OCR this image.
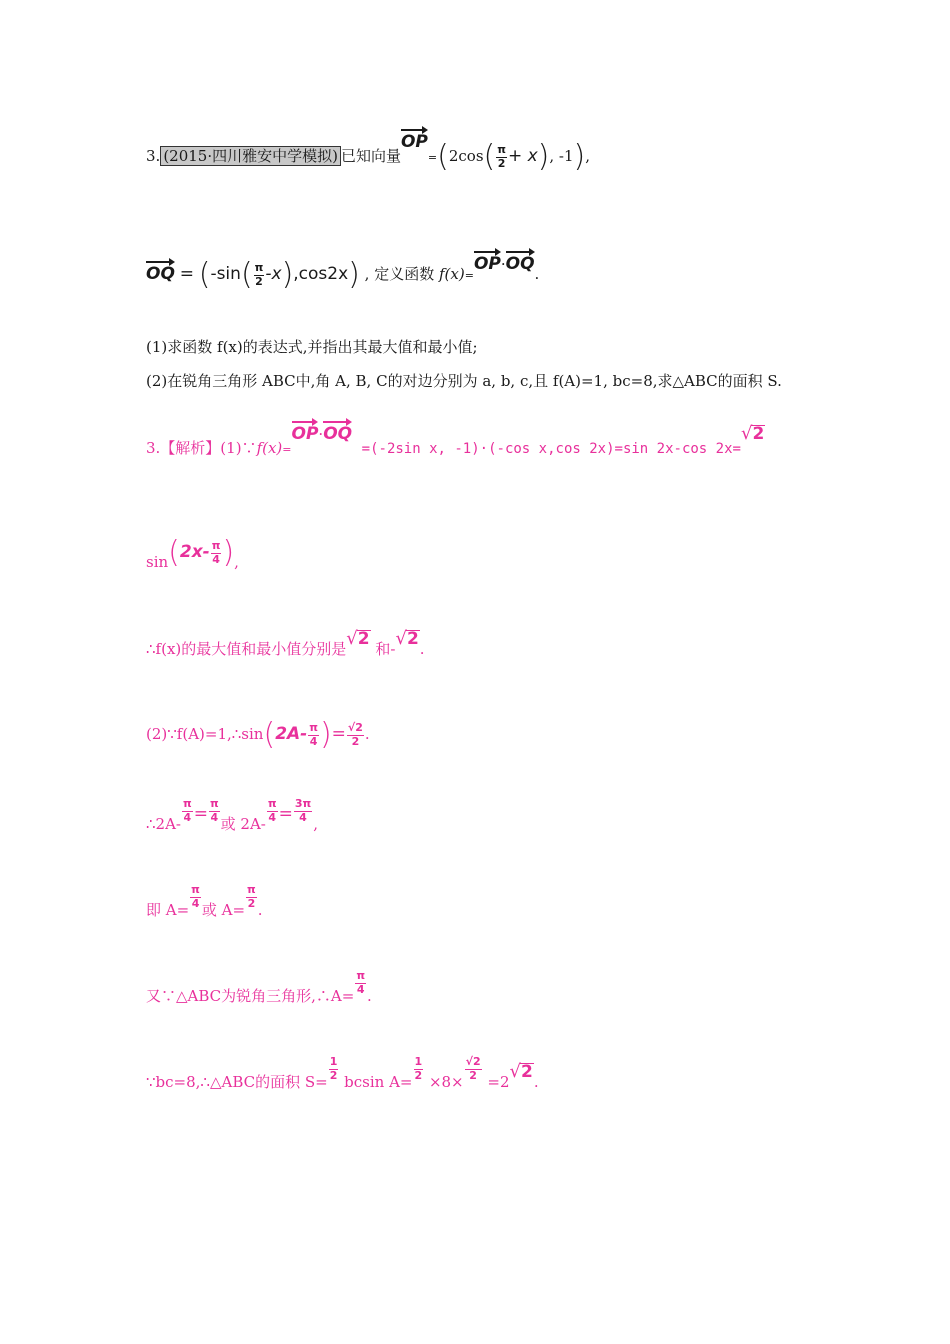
3. (2015·四川雅安中学模拟) 已知向量$OP=(2\cos( \frac{\pi}{2} + x)$, -1),
OQ = $(-\sin( \frac{\pi}{2} -x),\cos 2x)$ , 定义函数 f(x)=OP·OQ.
(1)求函数 f(x)的表达式,并指出其最大值和最小值;
(2)在锐角三角形 ABC中,角 A, B, C的对边分别为 a, b, c,且 f(A)=1, bc=8,求△ABC的面积 S.
3.【解析】(1)∵f(x)=OP·OQ  =(-2sin x, -1)·(-cos x,cos 2x)=sin 2x-cos 2x=
√ 2
$\sin(2x- \frac{\pi}{4}$ ),
∴f(x)的最大值和最小值分别是 √ 2 和- √ 2 .
(2)∵f(A)=1,∴sin(2A- $\frac{\pi}{4}$ )= $\frac{√2}{2}$ .
∴2A- $\frac{\pi}{4} = \frac{\pi}{4}$ 或 $2A- \frac{\pi}{4} = \frac{3\pi}{4}$ ,
即 $A= \frac{\pi}{4}$ 或 $A= \frac{\pi}{2}$ .
又∵△ABC为锐角三角形,∴A= $\frac{\pi}{4}$ .
∵bc=8,∴△ABC的面积 $S= \frac{1}{2}$ bcsin $A= \frac{1}{2} \times 8\times \frac{√2}{2} =2$ √ 2 .
